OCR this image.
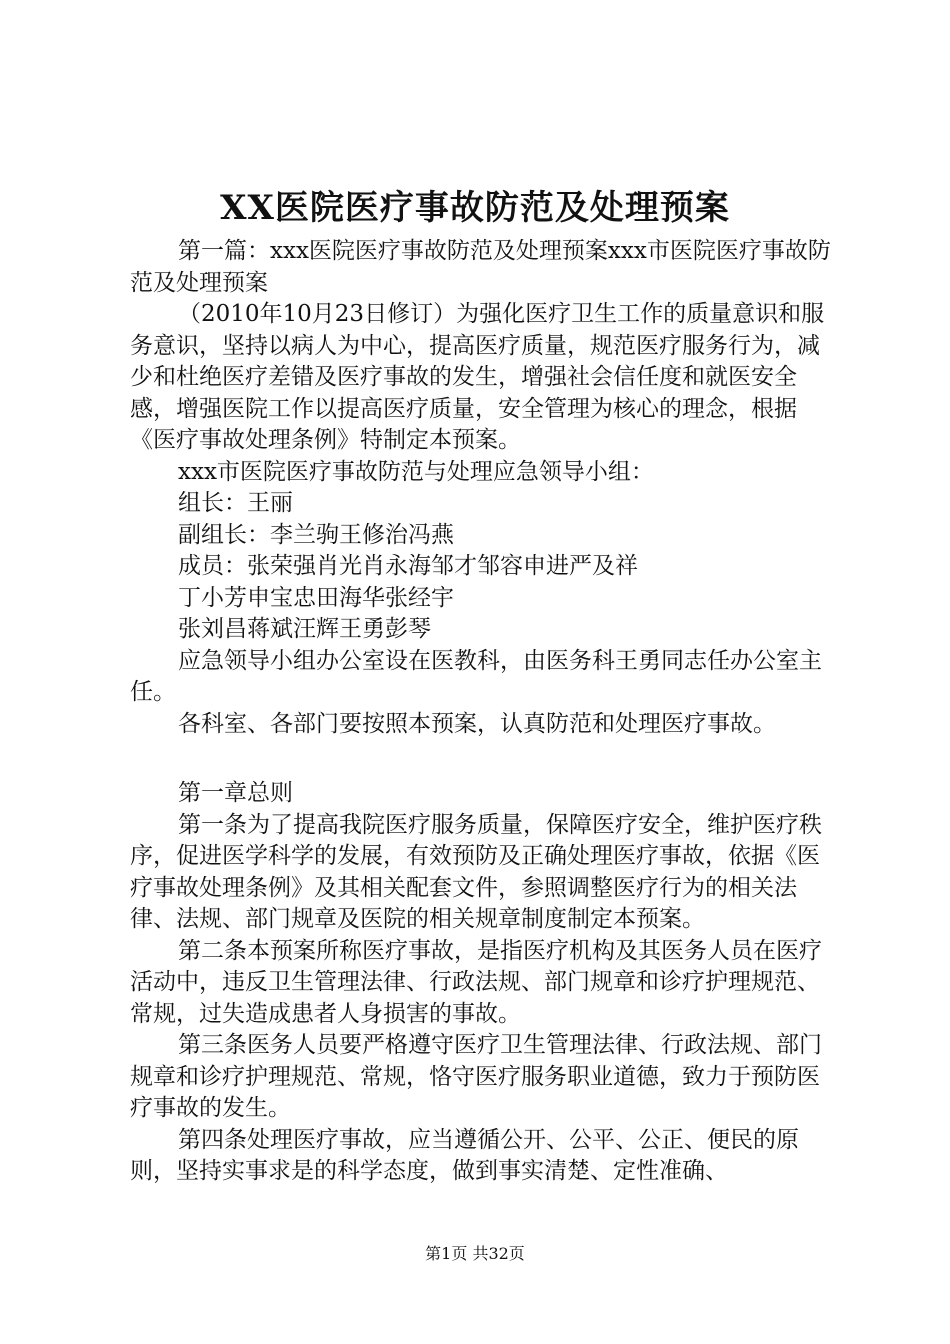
XX医院医疗事故防范及处理预案

第一篇：xxx医院医疗事故防范及处理预案xxx市医院医疗事故防范及处理预案

（2010年10月23日修订）为强化医疗卫生工作的质量意识和服务意识，坚持以病人为中心，提高医疗质量，规范医疗服务行为，减少和杜绝医疗差错及医疗事故的发生，增强社会信任度和就医安全感，增强医院工作以提高医疗质量，安全管理为核心的理念，根据《医疗事故处理条例》特制定本预案。

xxx市医院医疗事故防范与处理应急领导小组：

组长：王丽

副组长：李兰驹王修治冯燕

成员：张荣强肖光肖永海邹才邹容申进严及祥

丁小芳申宝忠田海华张经宇

张刘昌蒋斌汪辉王勇彭琴

应急领导小组办公室设在医教科，由医务科王勇同志任办公室主任。

各科室、各部门要按照本预案，认真防范和处理医疗事故。

第一章总则

第一条为了提高我院医疗服务质量，保障医疗安全，维护医疗秩序，促进医学科学的发展，有效预防及正确处理医疗事故，依据《医疗事故处理条例》及其相关配套文件，参照调整医疗行为的相关法律、法规、部门规章及医院的相关规章制度制定本预案。

第二条本预案所称医疗事故，是指医疗机构及其医务人员在医疗活动中，违反卫生管理法律、行政法规、部门规章和诊疗护理规范、常规，过失造成患者人身损害的事故。

第三条医务人员要严格遵守医疗卫生管理法律、行政法规、部门规章和诊疗护理规范、常规，恪守医疗服务职业道德，致力于预防医疗事故的发生。

第四条处理医疗事故，应当遵循公开、公平、公正、便民的原则，坚持实事求是的科学态度，做到事实清楚、定性准确、

第1页 共32页
